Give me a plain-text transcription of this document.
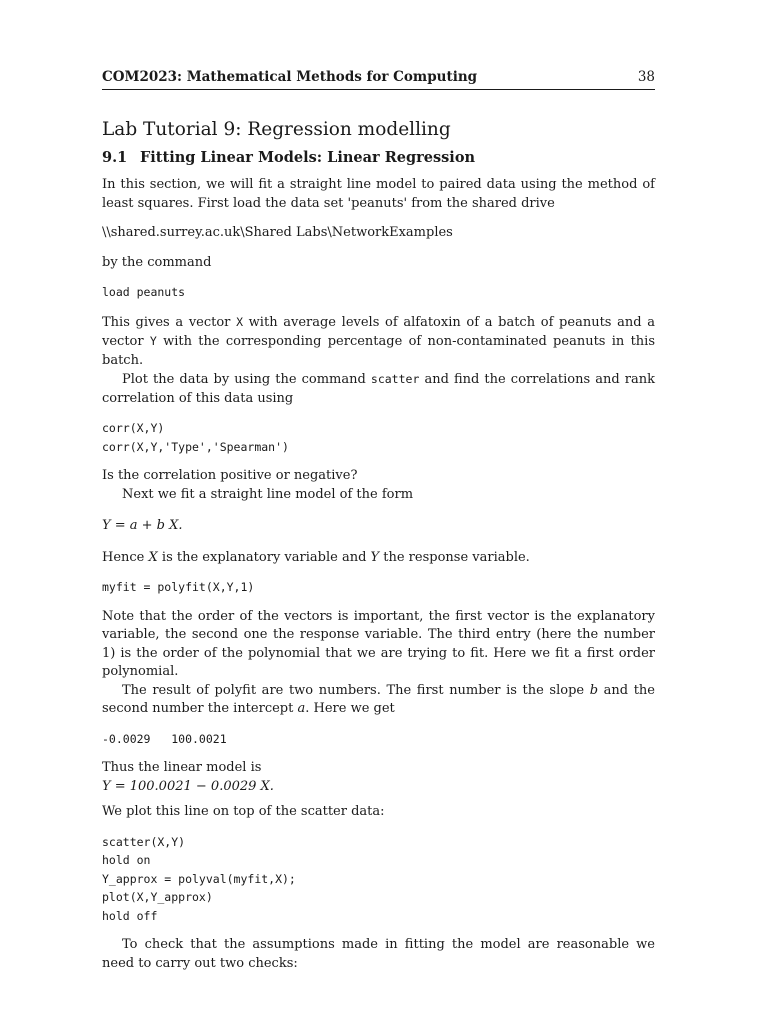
COM2023: Mathematical Methods for Computing	38
Lab Tutorial 9: Regression modelling
9.1 Fitting Linear Models: Linear Regression

In this section, we will fit a straight line model to paired data using the method of least squares. First load the data set 'peanuts' from the shared drive

\\shared.surrey.ac.uk\Shared Labs\NetworkExamples

by the command

load peanuts

This gives a vector X with average levels of alfatoxin of a batch of peanuts and a vector Y with the corresponding percentage of non-contaminated peanuts in this batch.

Plot the data by using the command scatter and find the correlations and rank correlation of this data using

corr(X,Y)
corr(X,Y,'Type','Spearman')

Is the correlation positive or negative?

Next we fit a straight line model of the form

Y = a + b X.

Hence X is the explanatory variable and Y the response variable.

myfit = polyfit(X,Y,1)

Note that the order of the vectors is important, the first vector is the explanatory variable, the second one the response variable. The third entry (here the number 1) is the order of the polynomial that we are trying to fit. Here we fit a first order polynomial.

The result of polyfit are two numbers. The first number is the slope b and the second number the intercept a. Here we get

-0.0029   100.0021

Thus the linear model is

Y = 100.0021 − 0.0029 X.

We plot this line on top of the scatter data:

scatter(X,Y)
hold on
Y_approx = polyval(myfit,X);
plot(X,Y_approx)
hold off

To check that the assumptions made in fitting the model are reasonable we need to carry out two checks:
